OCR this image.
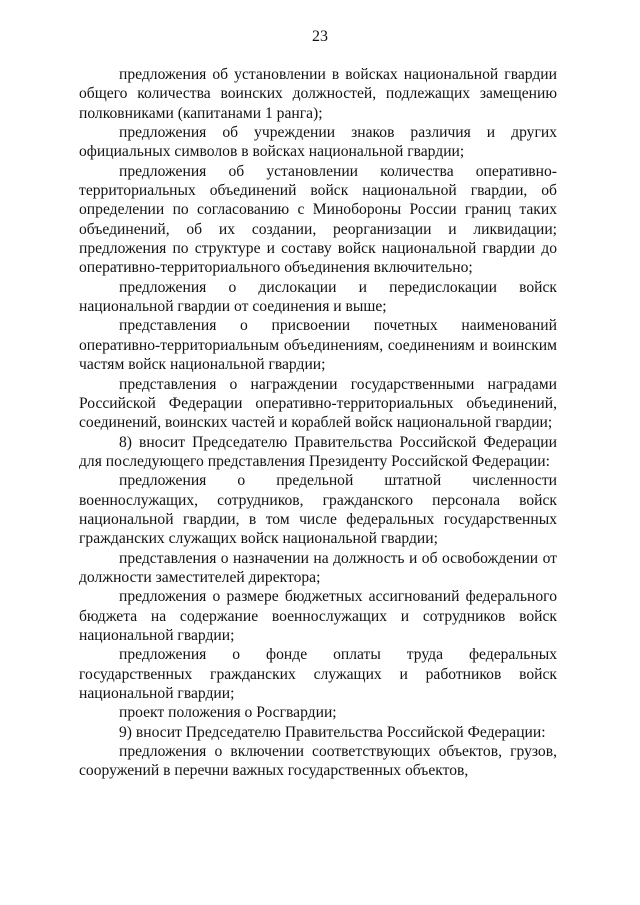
23

предложения об установлении в войсках национальной гвардии общего количества воинских должностей, подлежащих замещению полковниками (капитанами 1 ранга);

предложения об учреждении знаков различия и других официальных символов в войсках национальной гвардии;

предложения об установлении количества оперативно-территориальных объединений войск национальной гвардии, об определении по согласованию с Минобороны России границ таких объединений, об их создании, реорганизации и ликвидации; предложения по структуре и составу войск национальной гвардии до оперативно-территориального объединения включительно;

предложения о дислокации и передислокации войск национальной гвардии от соединения и выше;

представления о присвоении почетных наименований оперативно-территориальным объединениям, соединениям и воинским частям войск национальной гвардии;

представления о награждении государственными наградами Российской Федерации оперативно-территориальных объединений, соединений, воинских частей и кораблей войск национальной гвардии;

8) вносит Председателю Правительства Российской Федерации для последующего представления Президенту Российской Федерации:

предложения о предельной штатной численности военнослужащих, сотрудников, гражданского персонала войск национальной гвардии, в том числе федеральных государственных гражданских служащих войск национальной гвардии;

представления о назначении на должность и об освобождении от должности заместителей директора;

предложения о размере бюджетных ассигнований федерального бюджета на содержание военнослужащих и сотрудников войск национальной гвардии;

предложения о фонде оплаты труда федеральных государственных гражданских служащих и работников войск национальной гвардии;

проект положения о Росгвардии;

9) вносит Председателю Правительства Российской Федерации:

предложения о включении соответствующих объектов, грузов, сооружений в перечни важных государственных объектов,
